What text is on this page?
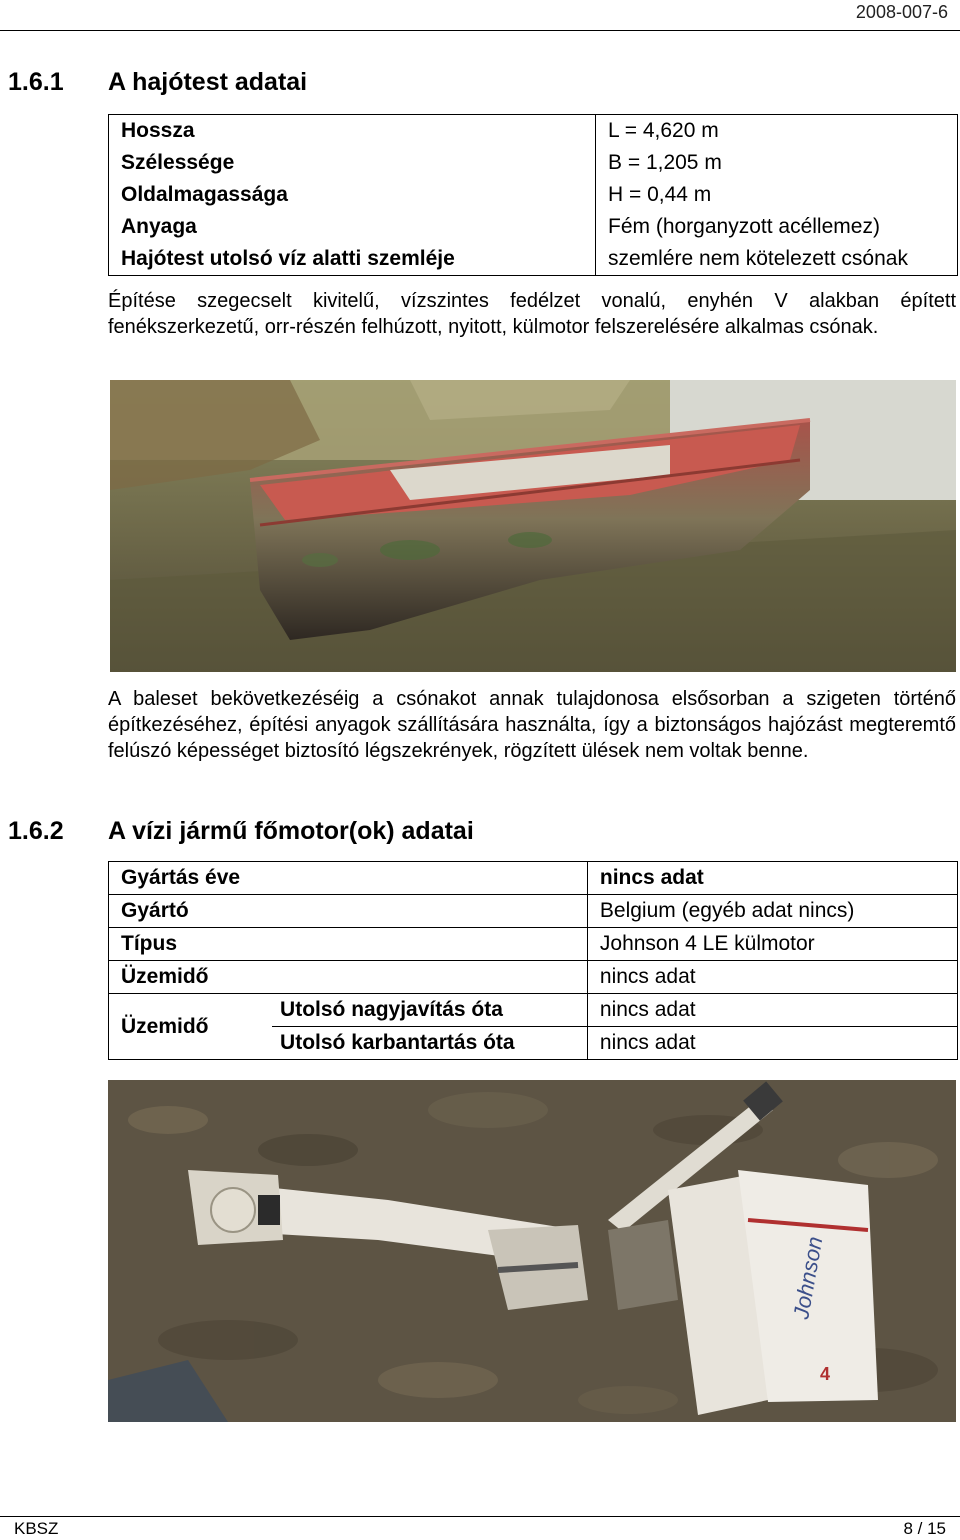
2008-007-6
1.6.1 A hajótest adatai
Hossza	L = 4,620 m
Szélessége	B = 1,205 m
Oldalmagassága	H = 0,44 m
Anyaga	Fém (horganyzott acéllemez)
Hajótest utolsó víz alatti szemléje	szemlére nem kötelezett csónak
Építése szegecselt kivitelű, vízszintes fedélzet vonalú, enyhén V alakban épített fenékszerkezetű, orr-részén felhúzott, nyitott, külmotor felszerelésére alkalmas csónak.
A baleset bekövetkezéséig a csónakot annak tulajdonosa elsősorban a szigeten történő építkezéséhez, építési anyagok szállítására használta, így a biztonságos hajózást megteremtő felúszó képességet biztosító légszekrények, rögzített ülések nem voltak benne.
1.6.2 A vízi jármű főmotor(ok) adatai
Gyártás éve		nincs adat
Gyártó		Belgium (egyéb adat nincs)
Típus		Johnson 4 LE külmotor
Üzemidő		nincs adat
Üzemidő	Utolsó nagyjavítás óta	nincs adat
	Utolsó karbantartás óta	nincs adat
Johnson
4
KBSZ	8 / 15
